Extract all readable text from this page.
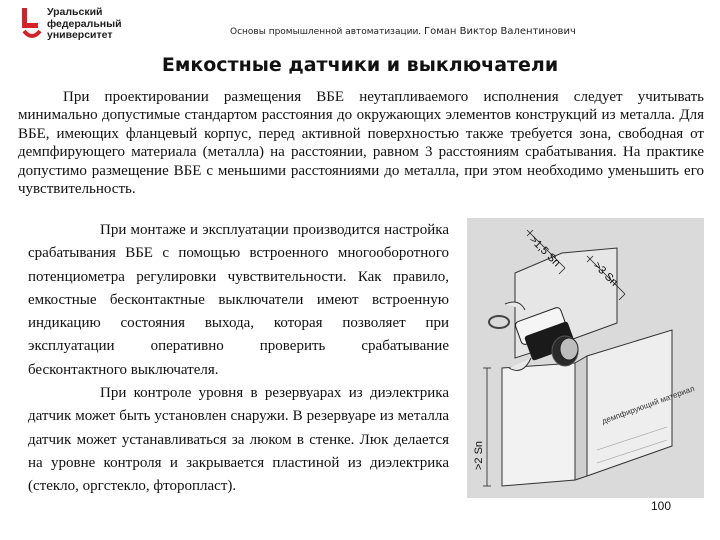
Уральский
федеральный
университет	Основы промышленной автоматизации. Гоман Виктор Валентинович
Емкостные датчики и выключатели

При проектировании размещения ВБЕ неутапливаемого исполнения следует учитывать минимально допустимые стандартом расстояния до окружающих элементов конструкций из металла. Для ВБЕ, имеющих фланцевый корпус, перед активной поверхностью также требуется зона, свободная от демпфирующего материала (металла) на расстоянии, равном 3 расстояниям срабатывания. На практике допустимо размещение ВБЕ с меньшими расстояниями до металла, при этом необходимо уменьшить его чувствительность.

При монтаже и эксплуатации производится настройка срабатывания ВБЕ с помощью встроенного многооборотного потенциометра регулировки чувствительности. Как правило, емкостные бесконтактные выключатели имеют встроенную индикацию состояния выхода, которая позволяет при эксплуатации оперативно проверить срабатывание бесконтактного выключателя.

При контроле уровня в резервуарах из диэлектрика датчик может быть установлен снаружи. В резервуаре из металла датчик может устанавливаться за люком в стенке. Люк делается на уровне контроля и закрывается пластиной из диэлектрика (стекло, оргстекло, фторопласт).

>1,5 Sn
>3 Sn
>2 Sn
демпфирующий материал
100
